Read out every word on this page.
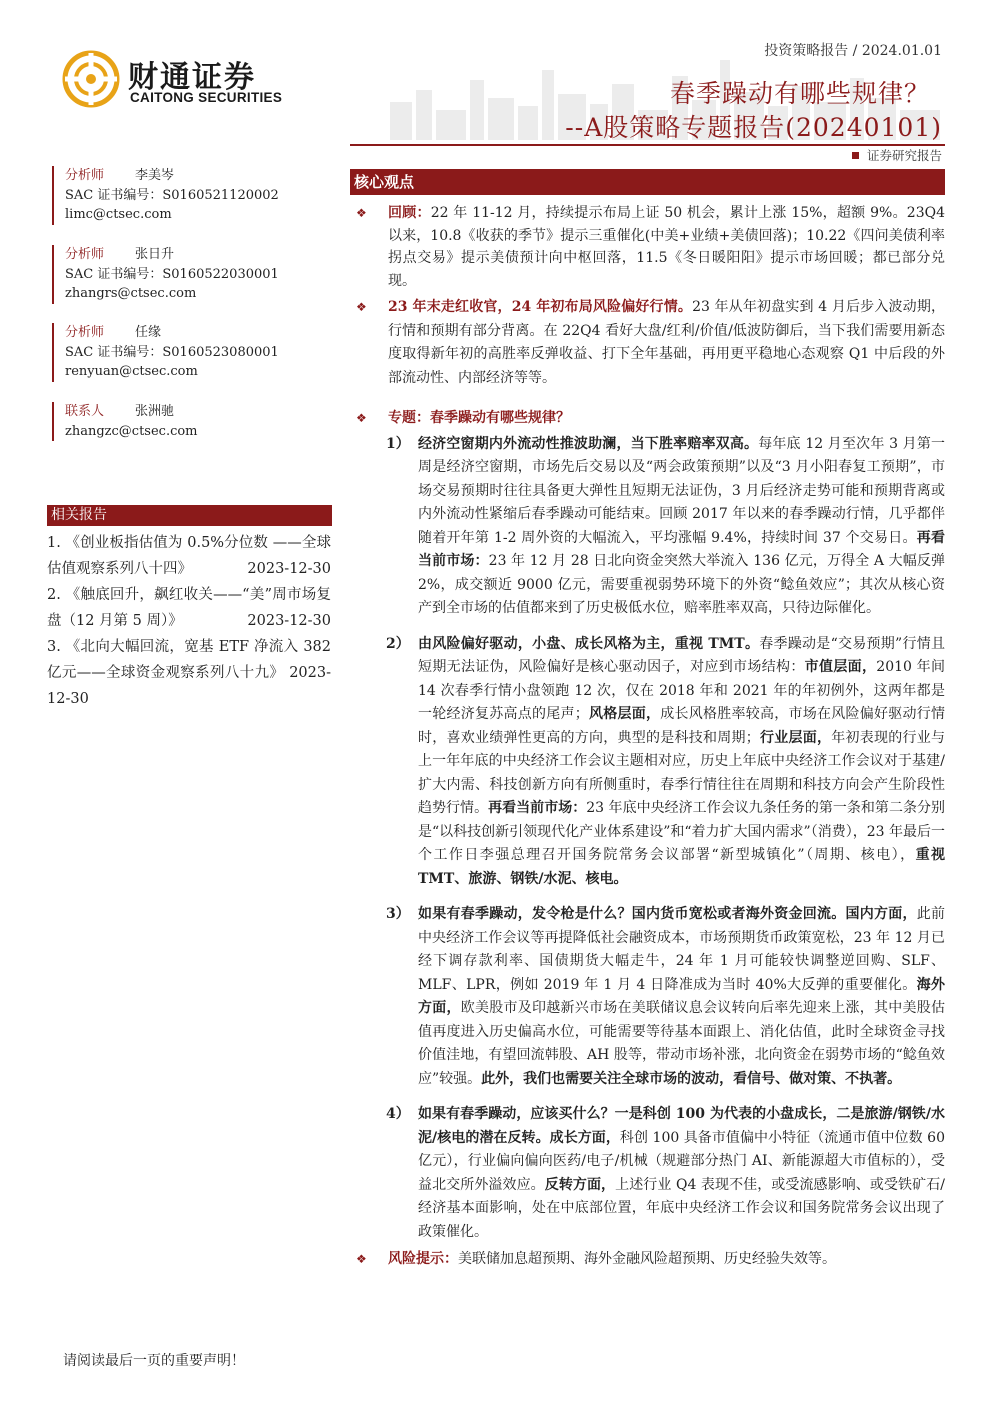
财通证券
CAITONG SECURITIES
投资策略报告 / 2024.01.01
春季躁动有哪些规律？
--A股策略专题报告(20240101)
证券研究报告
分析师 李美岑
SAC 证书编号：S0160521120002
limc@ctsec.com
分析师 张日升
SAC 证书编号：S0160522030001
zhangrs@ctsec.com
分析师 任缘
SAC 证书编号：S0160523080001
renyuan@ctsec.com
联系人 张洲驰
zhangzc@ctsec.com
相关报告

1. 《创业板指估值为 0.5%分位数 ——全球估值观察系列八十四》	2023-12-30

2. 《触底回升，飙红收关——“美”周市场复盘（12 月第 5 周）》	2023-12-30

3. 《北向大幅回流，宽基 ETF 净流入 382 亿元——全球资金观察系列八十九》 2023-12-30

核心观点
❖ 回顾：22 年 11-12 月，持续提示布局上证 50 机会，累计上涨 15%，超额 9%。23Q4 以来，10.8《收获的季节》提示三重催化(中美+业绩+美债回落)；10.22《四问美债利率拐点交易》提示美债预计向中枢回落，11.5《冬日暖阳阳》提示市场回暖；都已部分兑现。
❖ 23 年末走红收官，24 年初布局风险偏好行情。23 年从年初盘实到 4 月后步入波动期，行情和预期有部分背离。在 22Q4 看好大盘/红利/价值/低波防御后，当下我们需要用新态度取得新年初的高胜率反弹收益、打下全年基础，再用更平稳地心态观察 Q1 中后段的外部流动性、内部经济等等。
❖ 专题：春季躁动有哪些规律？
1） 经济空窗期内外流动性推波助澜，当下胜率赔率双高。每年底 12 月至次年 3 月第一周是经济空窗期，市场先后交易以及“两会政策预期”以及“3 月小阳春复工预期”，市场交易预期时往往具备更大弹性且短期无法证伪，3 月后经济走势可能和预期背离或内外流动性紧缩后春季躁动可能结束。回顾 2017 年以来的春季躁动行情，几乎都伴随着开年第 1-2 周外资的大幅流入，平均涨幅 9.4%，持续时间 37 个交易日。再看当前市场：23 年 12 月 28 日北向资金突然大举流入 136 亿元，万得全 A 大幅反弹 2%，成交额近 9000 亿元，需要重视弱势环境下的外资“鲶鱼效应”；其次从核心资产到全市场的估值都来到了历史极低水位，赔率胜率双高，只待边际催化。
2） 由风险偏好驱动，小盘、成长风格为主，重视 TMT。春季躁动是“交易预期”行情且短期无法证伪，风险偏好是核心驱动因子，对应到市场结构：市值层面，2010 年间 14 次春季行情小盘领跑 12 次，仅在 2018 年和 2021 年的年初例外，这两年都是一轮经济复苏高点的尾声；风格层面，成长风格胜率较高，市场在风险偏好驱动行情时，喜欢业绩弹性更高的方向，典型的是科技和周期；行业层面，年初表现的行业与上一年年底的中央经济工作会议主题相对应，历史上年底中央经济工作会议对于基建/扩大内需、科技创新方向有所侧重时，春季行情往往在周期和科技方向会产生阶段性趋势行情。再看当前市场：23 年底中央经济工作会议九条任务的第一条和第二条分别是“以科技创新引领现代化产业体系建设”和“着力扩大国内需求”（消费），23 年最后一个工作日李强总理召开国务院常务会议部署“新型城镇化”（周期、核电），重视 TMT、旅游、钢铁/水泥、核电。
3） 如果有春季躁动，发令枪是什么？国内货币宽松或者海外资金回流。国内方面，此前中央经济工作会议等再提降低社会融资成本，市场预期货币政策宽松，23 年 12 月已经下调存款利率、国债期货大幅走牛，24 年 1 月可能较快调整逆回购、SLF、MLF、LPR，例如 2019 年 1 月 4 日降准成为当时 40%大反弹的重要催化。海外方面，欧美股市及印越新兴市场在美联储议息会议转向后率先迎来上涨，其中美股估值再度进入历史偏高水位，可能需要等待基本面跟上、消化估值，此时全球资金寻找价值洼地，有望回流韩股、AH 股等，带动市场补涨，北向资金在弱势市场的“鲶鱼效应”较强。此外，我们也需要关注全球市场的波动，看信号、做对策、不执著。
4） 如果有春季躁动，应该买什么？一是科创 100 为代表的小盘成长，二是旅游/钢铁/水泥/核电的潜在反转。成长方面，科创 100 具备市值偏中小特征（流通市值中位数 60 亿元），行业偏向偏向医药/电子/机械（规避部分热门 AI、新能源超大市值标的），受益北交所外溢效应。反转方面，上述行业 Q4 表现不佳，或受流感影响、或受铁矿石/经济基本面影响，处在中底部位置，年底中央经济工作会议和国务院常务会议出现了政策催化。
❖ 风险提示：美联储加息超预期、海外金融风险超预期、历史经验失效等。
请阅读最后一页的重要声明！
